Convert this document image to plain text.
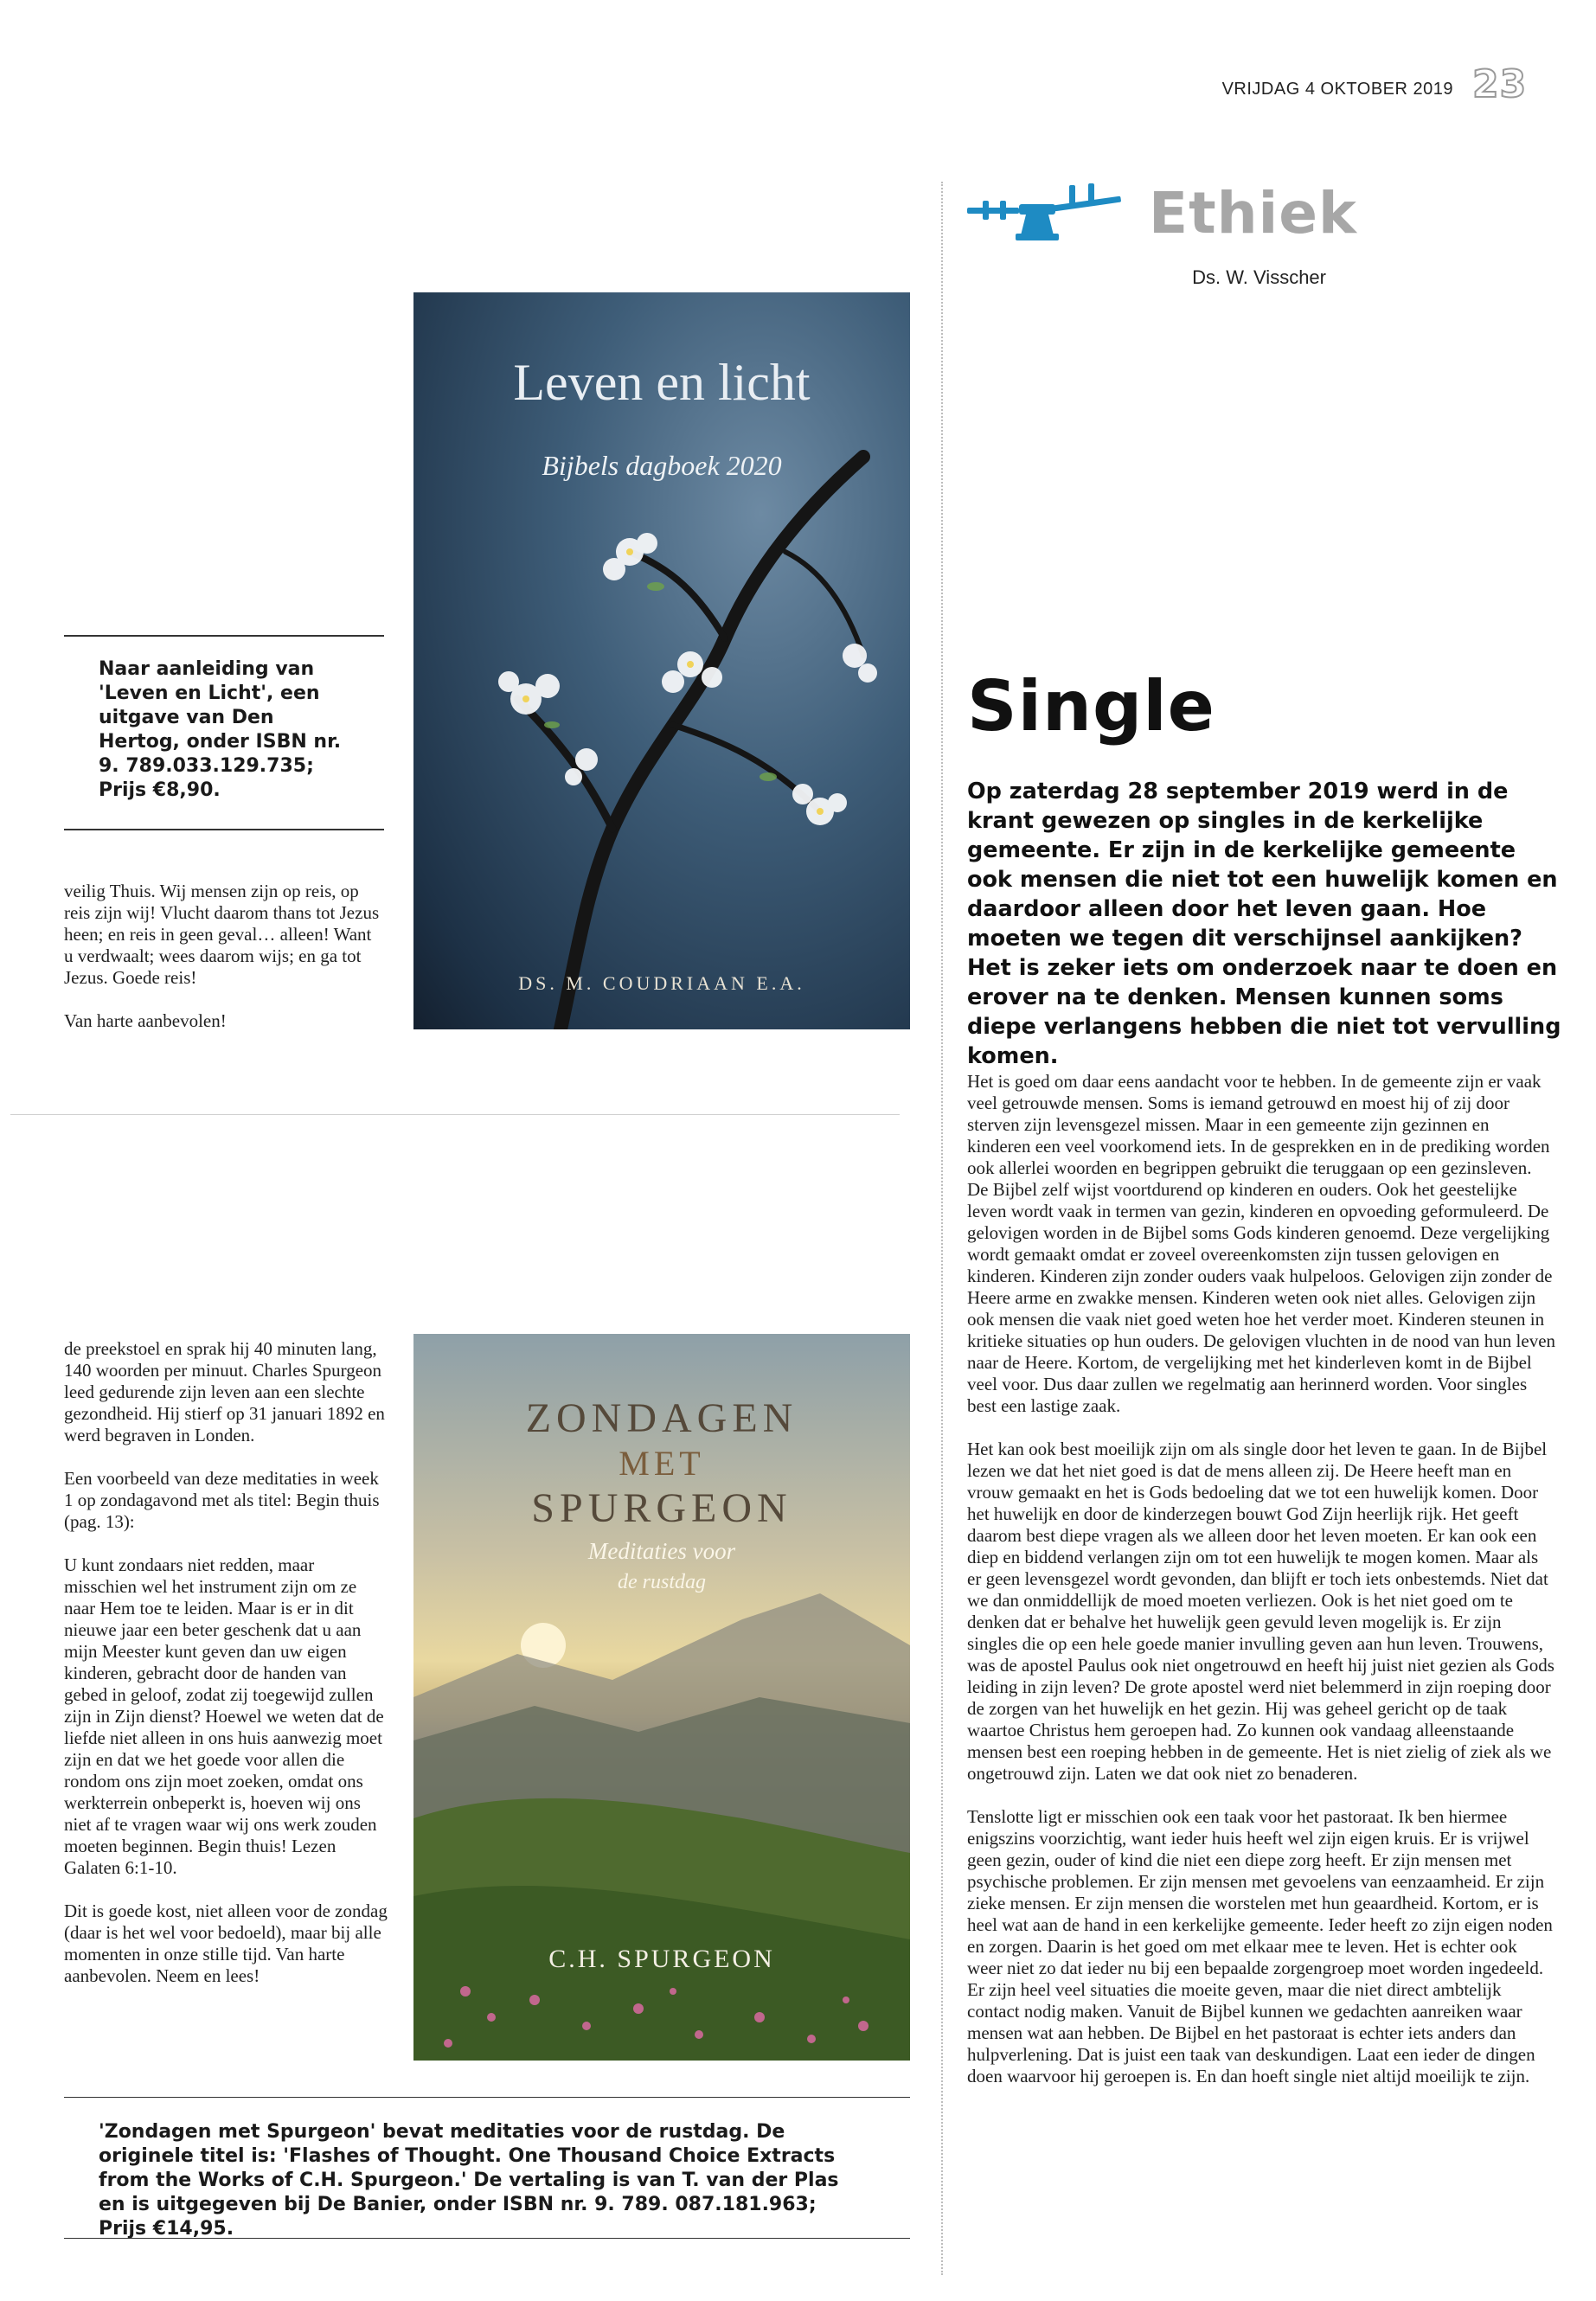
VRIJDAG 4 OKTOBER 2019 23
Ethiek
Ds. W. Visscher

Naar aanleiding van 'Leven en Licht', een uitgave van Den Hertog, onder ISBN nr. 9. 789.033.129.735; Prijs €8,90.

veilig Thuis. Wij mensen zijn op reis, op reis zijn wij! Vlucht daarom thans tot Jezus heen; en reis in geen geval… alleen! Want u verdwaalt; wees daarom wijs; en ga tot Jezus. Goede reis!

Van harte aanbevolen!

Leven en licht
Bijbels dagboek 2020
DS. M. COUDRIAAN E.A.

de preekstoel en sprak hij 40 minuten lang, 140 woorden per minuut. Charles Spurgeon leed gedurende zijn leven aan een slechte gezondheid. Hij stierf op 31 januari 1892 en werd begraven in Londen.

Een voorbeeld van deze meditaties in week 1 op zondagavond met als titel: Begin thuis (pag. 13):

U kunt zondaars niet redden, maar misschien wel het instrument zijn om ze naar Hem toe te leiden. Maar is er in dit nieuwe jaar een beter geschenk dat u aan mijn Meester kunt geven dan uw eigen kinderen, gebracht door de handen van gebed in geloof, zodat zij toegewijd zullen zijn in Zijn dienst? Hoewel we weten dat de liefde niet alleen in ons huis aanwezig moet zijn en dat we het goede voor allen die rondom ons zijn moet zoeken, omdat ons werkterrein onbeperkt is, hoeven wij ons niet af te vragen waar wij ons werk zouden moeten beginnen. Begin thuis! Lezen Galaten 6:1-10.

Dit is goede kost, niet alleen voor de zondag (daar is het wel voor bedoeld), maar bij alle momenten in onze stille tijd. Van harte aanbevolen. Neem en lees!

ZONDAGEN
MET
SPURGEON
Meditaties voor
de rustdag
C.H. SPURGEON

'Zondagen met Spurgeon' bevat meditaties voor de rustdag. De originele titel is: 'Flashes of Thought. One Thousand Choice Extracts from the Works of C.H. Spurgeon.' De vertaling is van T. van der Plas en is uitgegeven bij De Banier, onder ISBN nr. 9. 789. 087.181.963; Prijs €14,95.

Single
Op zaterdag 28 september 2019 werd in de krant gewezen op singles in de kerkelijke gemeente. Er zijn in de kerkelijke gemeente ook mensen die niet tot een huwelijk komen en daardoor alleen door het leven gaan. Hoe moeten we tegen dit verschijnsel aankijken? Het is zeker iets om onderzoek naar te doen en erover na te denken. Mensen kunnen soms diepe verlangens hebben die niet tot vervulling komen.

Het is goed om daar eens aandacht voor te hebben. In de gemeente zijn er vaak veel getrouwde mensen. Soms is iemand getrouwd en moest hij of zij door sterven zijn levensgezel missen. Maar in een gemeente zijn gezinnen en kinderen een veel voorkomend iets. In de gesprekken en in de prediking worden ook allerlei woorden en begrippen gebruikt die teruggaan op een gezinsleven. De Bijbel zelf wijst voortdurend op kinderen en ouders. Ook het geestelijke leven wordt vaak in termen van gezin, kinderen en opvoeding geformuleerd. De gelovigen worden in de Bijbel soms Gods kinderen genoemd. Deze vergelijking wordt gemaakt omdat er zoveel overeenkomsten zijn tussen gelovigen en kinderen. Kinderen zijn zonder ouders vaak hulpeloos. Gelovigen zijn zonder de Heere arme en zwakke mensen. Kinderen weten ook niet alles. Gelovigen zijn ook mensen die vaak niet goed weten hoe het verder moet. Kinderen steunen in kritieke situaties op hun ouders. De gelovigen vluchten in de nood van hun leven naar de Heere. Kortom, de vergelijking met het kinderleven komt in de Bijbel veel voor. Dus daar zullen we regelmatig aan herinnerd worden. Voor singles best een lastige zaak.

Het kan ook best moeilijk zijn om als single door het leven te gaan. In de Bijbel lezen we dat het niet goed is dat de mens alleen zij. De Heere heeft man en vrouw gemaakt en het is Gods bedoeling dat we tot een huwelijk komen. Door het huwelijk en door de kinderzegen bouwt God Zijn heerlijk rijk. Het geeft daarom best diepe vragen als we alleen door het leven moeten. Er kan ook een diep en biddend verlangen zijn om tot een huwelijk te mogen komen. Maar als er geen levensgezel wordt gevonden, dan blijft er toch iets onbestemds. Niet dat we dan onmiddellijk de moed moeten verliezen. Ook is het niet goed om te denken dat er behalve het huwelijk geen gevuld leven mogelijk is. Er zijn singles die op een hele goede manier invulling geven aan hun leven. Trouwens, was de apostel Paulus ook niet ongetrouwd en heeft hij juist niet gezien als Gods leiding in zijn leven? De grote apostel werd niet belemmerd in zijn roeping door de zorgen van het huwelijk en het gezin. Hij was geheel gericht op de taak waartoe Christus hem geroepen had. Zo kunnen ook vandaag alleenstaande mensen best een roeping hebben in de gemeente. Het is niet zielig of ziek als we ongetrouwd zijn. Laten we dat ook niet zo benaderen.

Tenslotte ligt er misschien ook een taak voor het pastoraat. Ik ben hiermee enigszins voorzichtig, want ieder huis heeft wel zijn eigen kruis. Er is vrijwel geen gezin, ouder of kind die niet een diepe zorg heeft. Er zijn mensen met psychische problemen. Er zijn mensen met gevoelens van eenzaamheid. Er zijn zieke mensen. Er zijn mensen die worstelen met hun geaardheid. Kortom, er is heel wat aan de hand in een kerkelijke gemeente. Ieder heeft zo zijn eigen noden en zorgen. Daarin is het goed om met elkaar mee te leven. Het is echter ook weer niet zo dat ieder nu bij een bepaalde zorgengroep moet worden ingedeeld. Er zijn heel veel situaties die moeite geven, maar die niet direct ambtelijk contact nodig maken. Vanuit de Bijbel kunnen we gedachten aanreiken waar mensen wat aan hebben. De Bijbel en het pastoraat is echter iets anders dan hulpverlening. Dat is juist een taak van deskundigen. Laat een ieder de dingen doen waarvoor hij geroepen is. En dan hoeft single niet altijd moeilijk te zijn.
